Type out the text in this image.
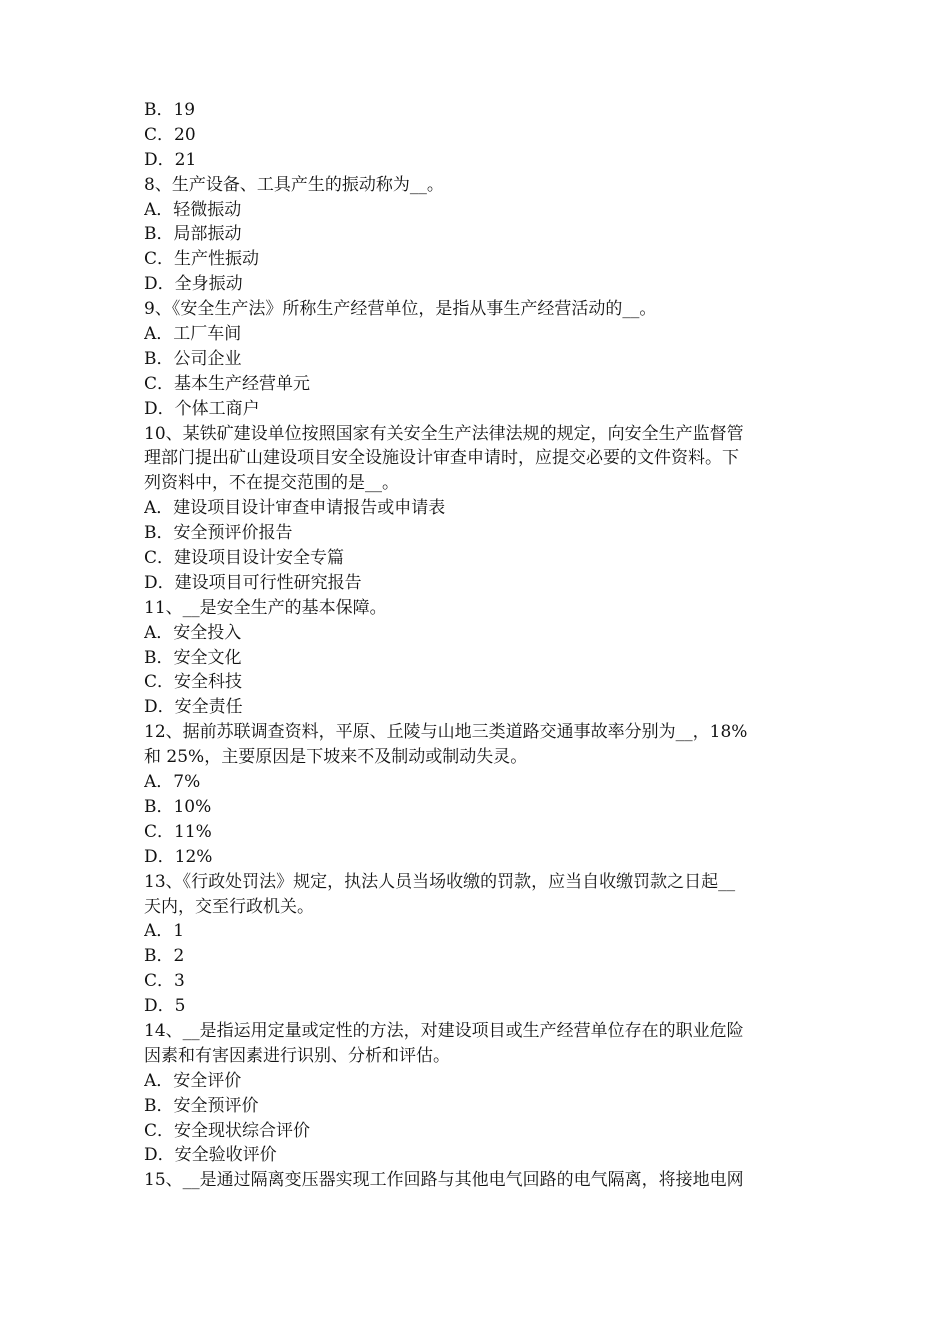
B．19
C．20
D．21
8、生产设备、工具产生的振动称为__。
A．轻微振动
B．局部振动
C．生产性振动
D．全身振动
9、《安全生产法》所称生产经营单位，是指从事生产经营活动的__。
A．工厂车间
B．公司企业
C．基本生产经营单元
D．个体工商户
10、某铁矿建设单位按照国家有关安全生产法律法规的规定，向安全生产监督管
理部门提出矿山建设项目安全设施设计审查申请时，应提交必要的文件资料。下
列资料中，不在提交范围的是__。
A．建设项目设计审查申请报告或申请表
B．安全预评价报告
C．建设项目设计安全专篇
D．建设项目可行性研究报告
11、__是安全生产的基本保障。
A．安全投入
B．安全文化
C．安全科技
D．安全责任
12、据前苏联调查资料，平原、丘陵与山地三类道路交通事故率分别为__，18%
和 25%，主要原因是下坡来不及制动或制动失灵。
A．7%
B．10%
C．11%
D．12%
13、《行政处罚法》规定，执法人员当场收缴的罚款，应当自收缴罚款之日起__
天内，交至行政机关。
A．1
B．2
C．3
D．5
14、__是指运用定量或定性的方法，对建设项目或生产经营单位存在的职业危险
因素和有害因素进行识别、分析和评估。
A．安全评价
B．安全预评价
C．安全现状综合评价
D．安全验收评价
15、__是通过隔离变压器实现工作回路与其他电气回路的电气隔离，将接地电网
